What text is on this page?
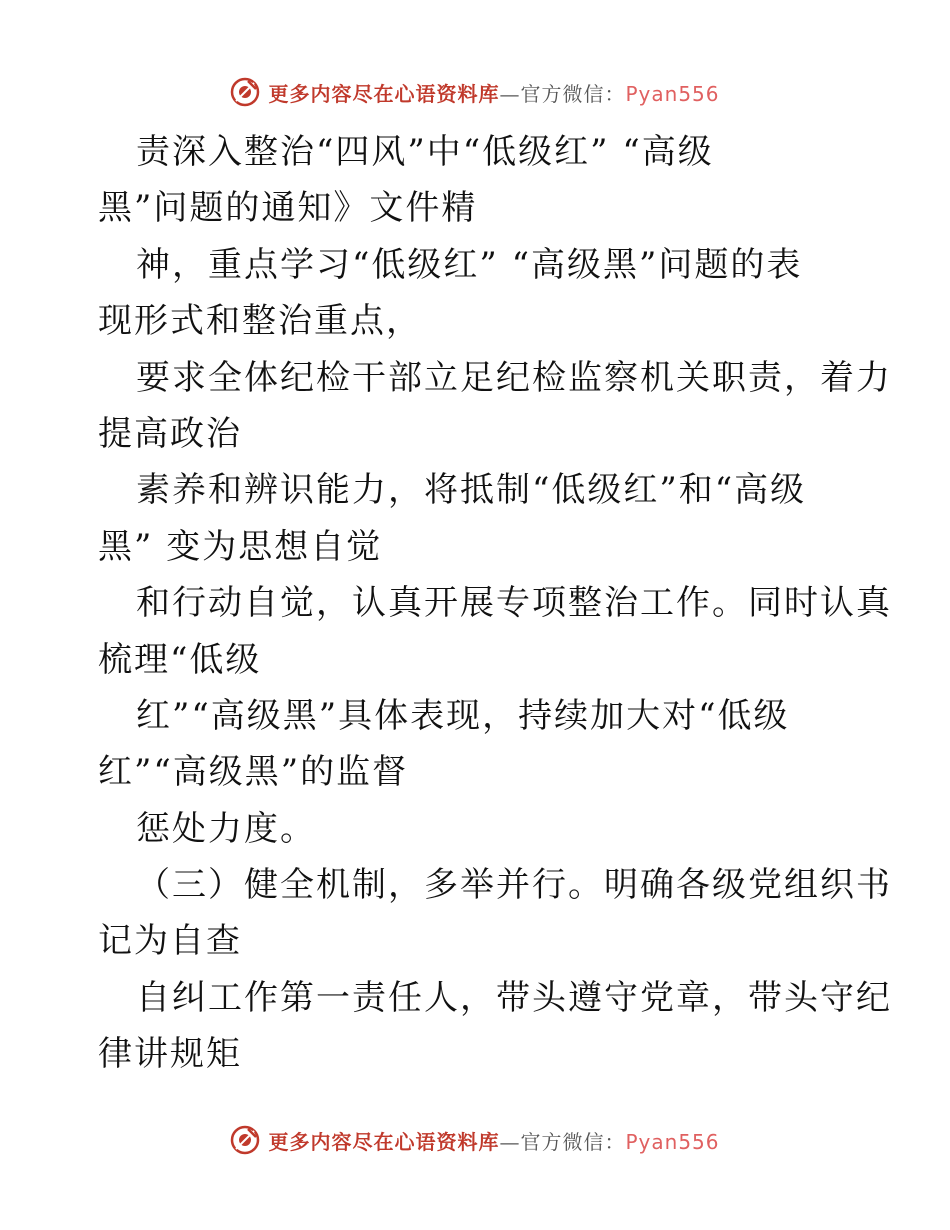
更多内容尽在心语资料库—官方微信：Pyan556
责深入整治“四风”中“低级红” “高级
黑”问题的通知》文件精
神，重点学习“低级红” “高级黑”问题的表
现形式和整治重点，
要求全体纪检干部立足纪检监察机关职责，着力
提高政治
素养和辨识能力，将抵制“低级红”和“高级
黑” 变为思想自觉
和行动自觉，认真开展专项整治工作。同时认真
梳理“低级
红”“高级黑”具体表现，持续加大对“低级
红”“高级黑”的监督
惩处力度。
（三）健全机制，多举并行。明确各级党组织书
记为自查
自纠工作第一责任人，带头遵守党章，带头守纪
律讲规矩
更多内容尽在心语资料库—官方微信：Pyan556
